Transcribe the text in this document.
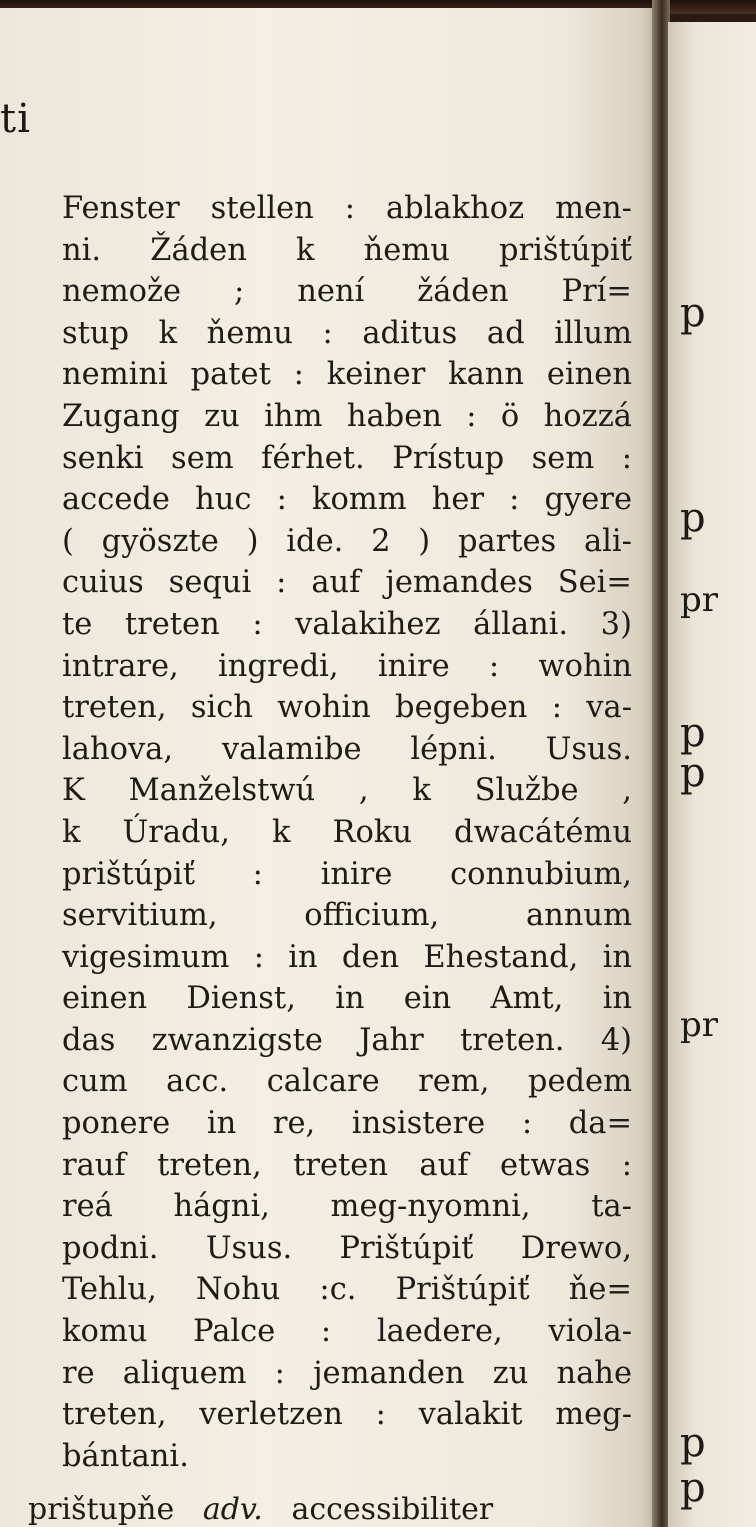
ti
Fenster stellen : ablakhoz men-
ni. Žáden k ňemu prištúpiť
nemože ; není žáden Prí=
stup k ňemu : aditus ad illum
nemini patet : keiner kann einen
Zugang zu ihm haben : ö hozzá
senki sem férhet. Prístup sem :
accede huc : komm her : gyere
( gyöszte ) ide. 2 ) partes ali-
cuius sequi : auf jemandes Sei=
te treten : valakihez állani. 3)
intrare, ingredi, inire : wohin
treten, sich wohin begeben : va-
lahova, valamibe lépni. Usus.
K Manželstwú , k Službe ,
k Úradu, k Roku dwacátému
prištúpiť : inire connubium,
servitium, officium, annum
vigesimum : in den Ehestand, in
einen Dienst, in ein Amt, in
das zwanzigste Jahr treten. 4)
cum acc. calcare rem, pedem
ponere in re, insistere : da=
rauf treten, treten auf etwas :
reá hágni, meg-nyomni, ta-
podni. Usus. Prištúpiť Drewo,
Tehlu, Nohu :c. Prištúpiť ňe=
komu Palce : laedere, viola-
re aliquem : jemanden zu nahe
treten, verletzen : valakit meg-
bántani.
prištupňe adv. accessibiliter
p
p
pr
p
p
pr
p
p
